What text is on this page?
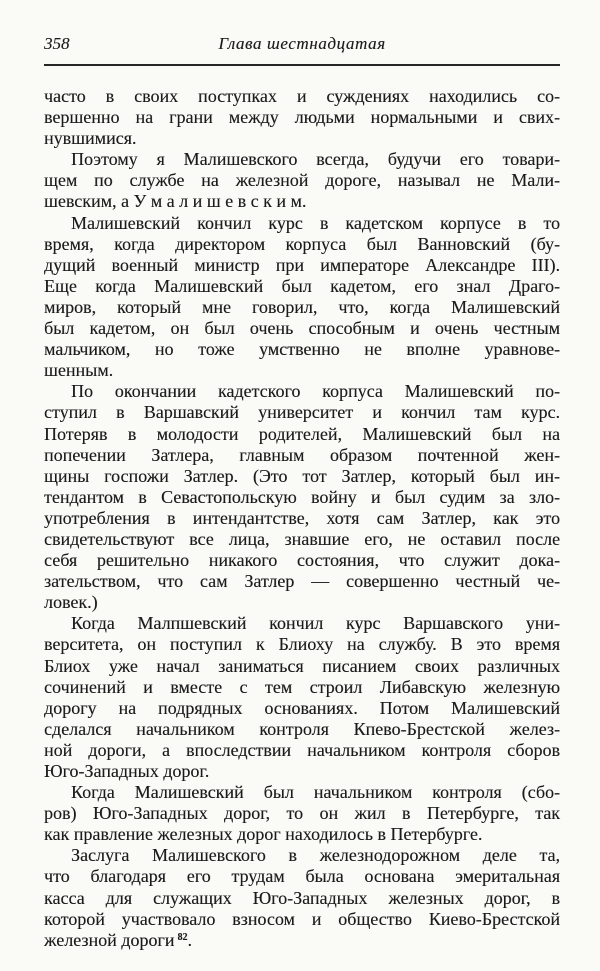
358	Глава шестнадцатая
часто в своих поступках и суждениях находились со-
вершенно на грани между людьми нормальными и свих-
нувшимися.
Поэтому я Малишевского всегда, будучи его товари-
щем по службе на железной дороге, называл не Мали-
шевским, а У м а л и ш е в с к и м.
Малишевский кончил курс в кадетском корпусе в то
время, когда директором корпуса был Ванновский (бу-
дущий военный министр при императоре Александре III).
Еще когда Малишевский был кадетом, его знал Драго-
миров, который мне говорил, что, когда Малишевский
был кадетом, он был очень способным и очень честным
мальчиком, но тоже умственно не вполне уравнове-
шенным.
По окончании кадетского корпуса Малишевский по-
ступил в Варшавский университет и кончил там курс.
Потеряв в молодости родителей, Малишевский был на
попечении Затлера, главным образом почтенной жен-
щины госпожи Затлер. (Это тот Затлер, который был ин-
тендантом в Севастопольскую войну и был судим за зло-
употребления в интендантстве, хотя сам Затлер, как это
свидетельствуют все лица, знавшие его, не оставил после
себя решительно никакого состояния, что служит дока-
зательством, что сам Затлер — совершенно честный че-
ловек.)
Когда Малпшевский кончил курс Варшавского уни-
верситета, он поступил к Блиоху на службу. В это время
Блиох уже начал заниматься писанием своих различных
сочинений и вместе с тем строил Либавскую железную
дорогу на подрядных основаниях. Потом Малишевский
сделался начальником контроля Кпево-Брестской желез-
ной дороги, а впоследствии начальником контроля сборов
Юго-Западных дорог.
Когда Малишевский был начальником контроля (сбо-
ров) Юго-Западных дорог, то он жил в Петербурге, так
как правление железных дорог находилось в Петербурге.
Заслуга Малишевского в железнодорожном деле та,
что благодаря его трудам была основана эмеритальная
касса для служащих Юго-Западных железных дорог, в
которой участвовало взносом и общество Киево-Брестской
железной дороги $^{82}$.
